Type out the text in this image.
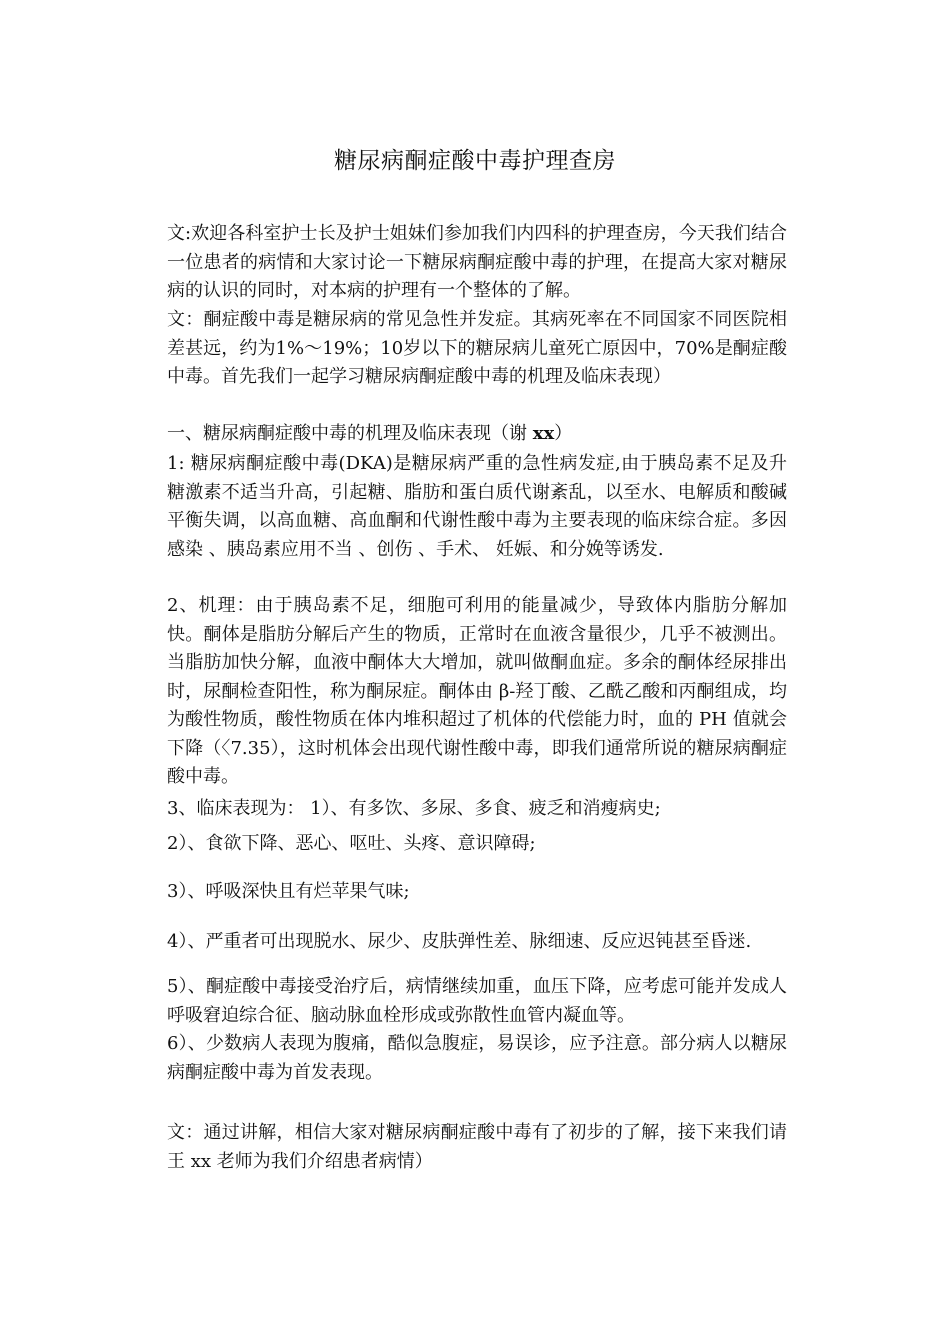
糖尿病酮症酸中毒护理查房
文:欢迎各科室护士长及护士姐妹们参加我们内四科的护理查房，今天我们结合一位患者的病情和大家讨论一下糖尿病酮症酸中毒的护理，在提高大家对糖尿病的认识的同时，对本病的护理有一个整体的了解。
文：酮症酸中毒是糖尿病的常见急性并发症。其病死率在不同国家不同医院相差甚远，约为1%～19%；10岁以下的糖尿病儿童死亡原因中，70%是酮症酸中毒。首先我们一起学习糖尿病酮症酸中毒的机理及临床表现）
一、糖尿病酮症酸中毒的机理及临床表现（谢 xx）
1: 糖尿病酮症酸中毒(DKA)是糖尿病严重的急性病发症,由于胰岛素不足及升糖激素不适当升高，引起糖、脂肪和蛋白质代谢紊乱，以至水、电解质和酸碱平衡失调，以高血糖、高血酮和代谢性酸中毒为主要表现的临床综合症。多因感染 、胰岛素应用不当 、创伤 、手术、 妊娠、和分娩等诱发.
2、机理：由于胰岛素不足，细胞可利用的能量减少，导致体内脂肪分解加快。酮体是脂肪分解后产生的物质，正常时在血液含量很少，几乎不被测出。当脂肪加快分解，血液中酮体大大增加，就叫做酮血症。多余的酮体经尿排出时，尿酮检查阳性，称为酮尿症。酮体由 β-羟丁酸、乙酰乙酸和丙酮组成，均为酸性物质，酸性物质在体内堆积超过了机体的代偿能力时，血的 PH 值就会下降（〈7.35），这时机体会出现代谢性酸中毒，即我们通常所说的糖尿病酮症酸中毒。
3、临床表现为： 1）、有多饮、多尿、多食、疲乏和消瘦病史;
2）、食欲下降、恶心、呕吐、头疼、意识障碍;
3）、呼吸深快且有烂苹果气味;
4）、严重者可出现脱水、尿少、皮肤弹性差、脉细速、反应迟钝甚至昏迷.
5）、酮症酸中毒接受治疗后，病情继续加重，血压下降，应考虑可能并发成人呼吸窘迫综合征、脑动脉血栓形成或弥散性血管内凝血等。
6）、少数病人表现为腹痛，酷似急腹症，易误诊，应予注意。部分病人以糖尿病酮症酸中毒为首发表现。
文：通过讲解，相信大家对糖尿病酮症酸中毒有了初步的了解，接下来我们请王 xx 老师为我们介绍患者病情）
